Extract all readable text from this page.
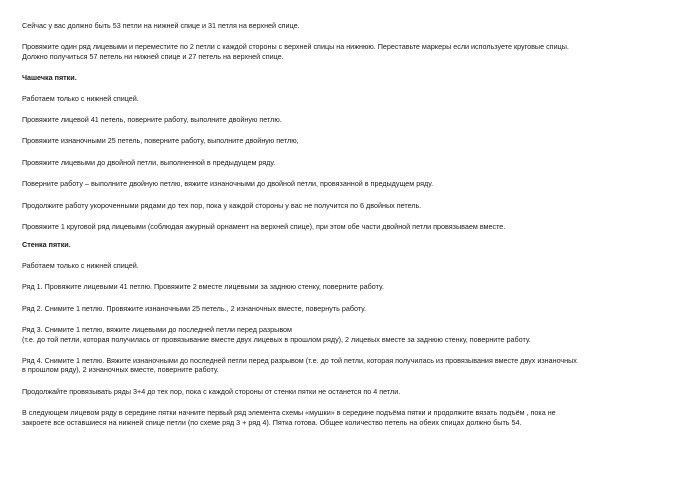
Сейчас у вас должно быть 53 петли на нижней спице и 31 петля на верхней спице.

Провяжите один ряд лицевыми и переместите по 2 петли с каждой стороны с верхней спицы на нижнюю. Переставьте маркеры если используете круговые спицы.
Должно получиться 57 петель ни нижней спице и 27 петель на верхней спице.

Чашечка пятки.

Работаем только с нижней спицей.

Провяжите лицевой 41 петель, поверните работу, выполните двойную петлю.

Провяжите изнаночными 25 петель, поверните работу, выполните двойную петлю,

Провяжите лицевыми до двойной петли, выполненной в предыдущем ряду.

Поверните работу – выполните двойную петлю, вяжите изнаночными до двойной петли, провязанной в предыдущем ряду.

Продолжите работу укороченными рядами до тех пор, пока у каждой стороны у вас не получится по 6 двойных петель.

Провяжите 1 круговой ряд лицевыми (соблюдая ажурный орнамент на верхней спице), при этом обе части двойной петли провязываем вместе.

Стенка пятки.

Работаем только с нижней спицей.

Ряд 1. Провяжите лицевыми 41 петлю. Провяжите 2 вместе лицевыми за заднюю стенку, поверните работу.

Ряд 2. Снимите 1 петлю. Провяжите изнаночными 25 петель., 2 изнаночных вместе, повернуть работу.

Ряд 3. Снимите 1 петлю, вяжите лицевыми до последней петли перед разрывом
(т.е. до той петли, которая получилась от провязывание вместе двух лицевых в прошлом ряду), 2 лицевых вместе за заднюю стенку, поверните работу.

Ряд 4. Снимите 1 петлю. Вяжите изнаночными до последней петли перед разрывом (т.е. до той петли, которая получилась из провязывания вместе двух изнаночных
в прошлом ряду), 2 изнаночных вместе, поверните работу.

Продолжайте провязывать ряды 3+4 до тех пор, пока с каждой стороны от стенки пятки не останется по 4 петли.

В следующем лицевом ряду в середине пятки начните первый ряд элемента схемы «мушки» в середине подъёма пятки и продолжите вязать подъём , пока не
закроете все оставшиеся на нижней спице петли (по схеме ряд 3 + ряд 4). Пятка готова. Общее количество петель на обеих спицах должно быть 54.
